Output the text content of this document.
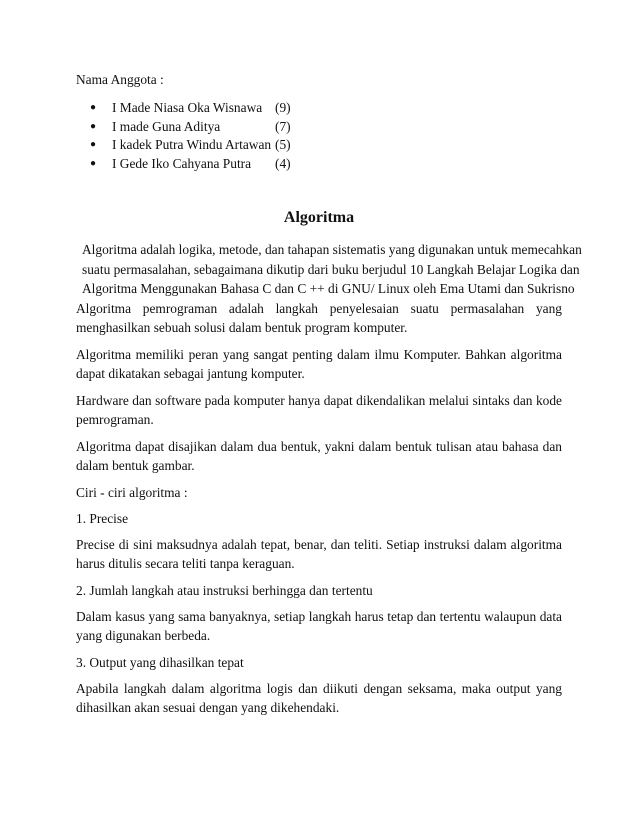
Nama Anggota :
● I Made Niasa Oka Wisnawa (9)
● I made Guna Aditya	(7)
● I kadek Putra Windu Artawan (5)
● I Gede Iko Cahyana Putra (4)
Algoritma
Algoritma adalah logika, metode, dan tahapan sistematis yang digunakan untuk memecahkan
suatu permasalahan, sebagaimana dikutip dari buku berjudul 10 Langkah Belajar Logika dan
Algoritma Menggunakan Bahasa C dan C ++ di GNU/ Linux oleh Ema Utami dan Sukrisno

Algoritma pemrograman adalah langkah penyelesaian suatu permasalahan yang menghasilkan sebuah solusi dalam bentuk program komputer.

Algoritma memiliki peran yang sangat penting dalam ilmu Komputer. Bahkan algoritma dapat dikatakan sebagai jantung komputer.

Hardware dan software pada komputer hanya dapat dikendalikan melalui sintaks dan kode pemrograman.

Algoritma dapat disajikan dalam dua bentuk, yakni dalam bentuk tulisan atau bahasa dan dalam bentuk gambar.

Ciri - ciri algoritma :

1. Precise

Precise di sini maksudnya adalah tepat, benar, dan teliti. Setiap instruksi dalam algoritma harus ditulis secara teliti tanpa keraguan.

2. Jumlah langkah atau instruksi berhingga dan tertentu

Dalam kasus yang sama banyaknya, setiap langkah harus tetap dan tertentu walaupun data yang digunakan berbeda.

3. Output yang dihasilkan tepat

Apabila langkah dalam algoritma logis dan diikuti dengan seksama, maka output yang dihasilkan akan sesuai dengan yang dikehendaki.
